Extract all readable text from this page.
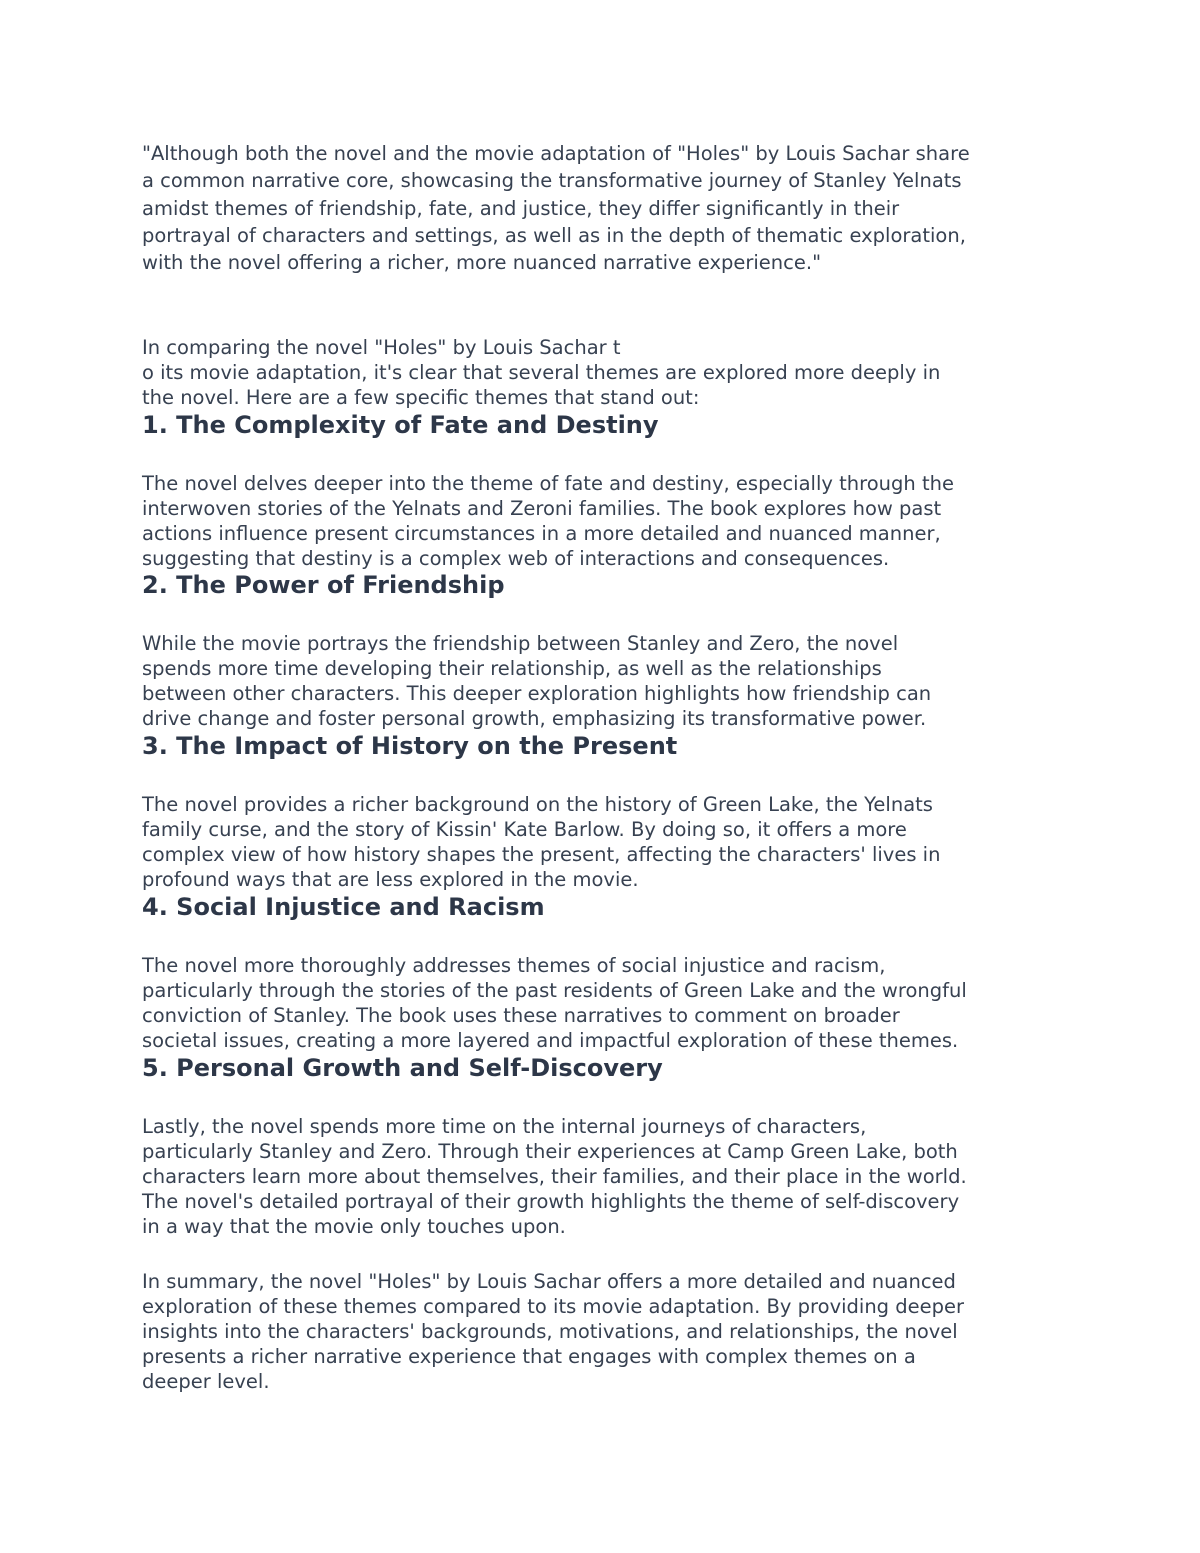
"Although both the novel and the movie adaptation of "Holes" by Louis Sachar share
a common narrative core, showcasing the transformative journey of Stanley Yelnats
amidst themes of friendship, fate, and justice, they differ significantly in their
portrayal of characters and settings, as well as in the depth of thematic exploration,
with the novel offering a richer, more nuanced narrative experience."
In comparing the novel "Holes" by Louis Sachar t
o its movie adaptation, it's clear that several themes are explored more deeply in
the novel. Here are a few specific themes that stand out:
1. The Complexity of Fate and Destiny
The novel delves deeper into the theme of fate and destiny, especially through the
interwoven stories of the Yelnats and Zeroni families. The book explores how past
actions influence present circumstances in a more detailed and nuanced manner,
suggesting that destiny is a complex web of interactions and consequences.
2. The Power of Friendship
While the movie portrays the friendship between Stanley and Zero, the novel
spends more time developing their relationship, as well as the relationships
between other characters. This deeper exploration highlights how friendship can
drive change and foster personal growth, emphasizing its transformative power.
3. The Impact of History on the Present
The novel provides a richer background on the history of Green Lake, the Yelnats
family curse, and the story of Kissin' Kate Barlow. By doing so, it offers a more
complex view of how history shapes the present, affecting the characters' lives in
profound ways that are less explored in the movie.
4. Social Injustice and Racism
The novel more thoroughly addresses themes of social injustice and racism,
particularly through the stories of the past residents of Green Lake and the wrongful
conviction of Stanley. The book uses these narratives to comment on broader
societal issues, creating a more layered and impactful exploration of these themes.
5. Personal Growth and Self-Discovery
Lastly, the novel spends more time on the internal journeys of characters,
particularly Stanley and Zero. Through their experiences at Camp Green Lake, both
characters learn more about themselves, their families, and their place in the world.
The novel's detailed portrayal of their growth highlights the theme of self-discovery
in a way that the movie only touches upon.
In summary, the novel "Holes" by Louis Sachar offers a more detailed and nuanced
exploration of these themes compared to its movie adaptation. By providing deeper
insights into the characters' backgrounds, motivations, and relationships, the novel
presents a richer narrative experience that engages with complex themes on a
deeper level.
